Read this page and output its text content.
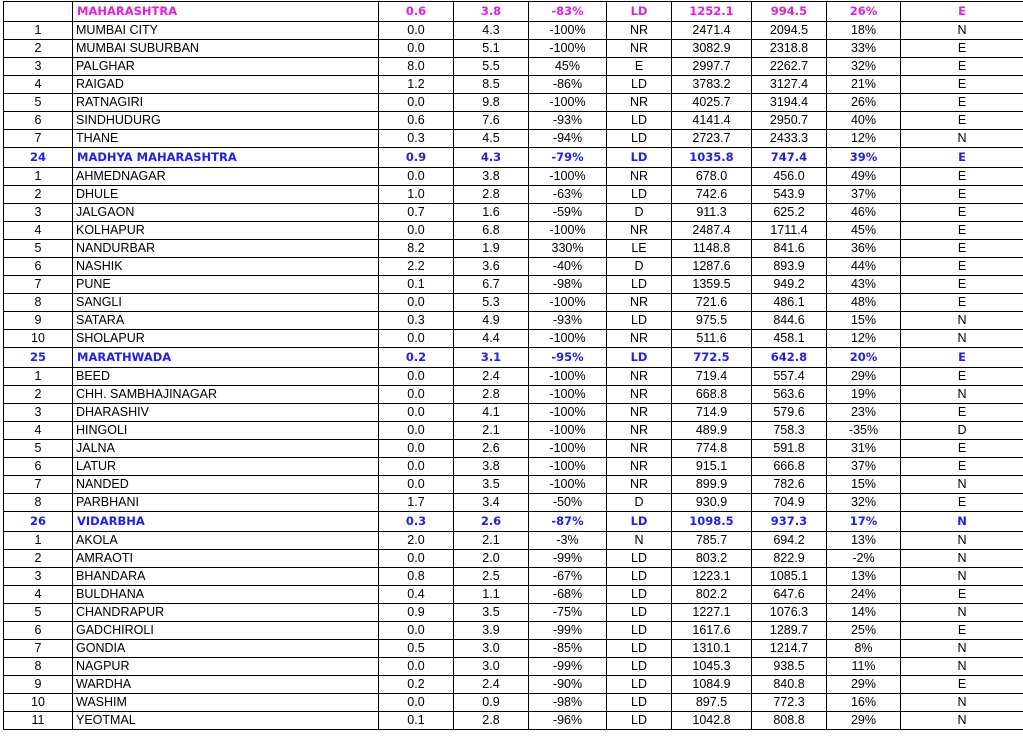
	MAHARASHTRA	0.6	3.8	-83%	LD	1252.1	994.5	26%	E
1	MUMBAI CITY	0.0	4.3	-100%	NR	2471.4	2094.5	18%	N
2	MUMBAI SUBURBAN	0.0	5.1	-100%	NR	3082.9	2318.8	33%	E
3	PALGHAR	8.0	5.5	45%	E	2997.7	2262.7	32%	E
4	RAIGAD	1.2	8.5	-86%	LD	3783.2	3127.4	21%	E
5	RATNAGIRI	0.0	9.8	-100%	NR	4025.7	3194.4	26%	E
6	SINDHUDURG	0.6	7.6	-93%	LD	4141.4	2950.7	40%	E
7	THANE	0.3	4.5	-94%	LD	2723.7	2433.3	12%	N
24	MADHYA MAHARASHTRA	0.9	4.3	-79%	LD	1035.8	747.4	39%	E
1	AHMEDNAGAR	0.0	3.8	-100%	NR	678.0	456.0	49%	E
2	DHULE	1.0	2.8	-63%	LD	742.6	543.9	37%	E
3	JALGAON	0.7	1.6	-59%	D	911.3	625.2	46%	E
4	KOLHAPUR	0.0	6.8	-100%	NR	2487.4	1711.4	45%	E
5	NANDURBAR	8.2	1.9	330%	LE	1148.8	841.6	36%	E
6	NASHIK	2.2	3.6	-40%	D	1287.6	893.9	44%	E
7	PUNE	0.1	6.7	-98%	LD	1359.5	949.2	43%	E
8	SANGLI	0.0	5.3	-100%	NR	721.6	486.1	48%	E
9	SATARA	0.3	4.9	-93%	LD	975.5	844.6	15%	N
10	SHOLAPUR	0.0	4.4	-100%	NR	511.6	458.1	12%	N
25	MARATHWADA	0.2	3.1	-95%	LD	772.5	642.8	20%	E
1	BEED	0.0	2.4	-100%	NR	719.4	557.4	29%	E
2	CHH. SAMBHAJINAGAR	0.0	2.8	-100%	NR	668.8	563.6	19%	N
3	DHARASHIV	0.0	4.1	-100%	NR	714.9	579.6	23%	E
4	HINGOLI	0.0	2.1	-100%	NR	489.9	758.3	-35%	D
5	JALNA	0.0	2.6	-100%	NR	774.8	591.8	31%	E
6	LATUR	0.0	3.8	-100%	NR	915.1	666.8	37%	E
7	NANDED	0.0	3.5	-100%	NR	899.9	782.6	15%	N
8	PARBHANI	1.7	3.4	-50%	D	930.9	704.9	32%	E
26	VIDARBHA	0.3	2.6	-87%	LD	1098.5	937.3	17%	N
1	AKOLA	2.0	2.1	-3%	N	785.7	694.2	13%	N
2	AMRAOTI	0.0	2.0	-99%	LD	803.2	822.9	-2%	N
3	BHANDARA	0.8	2.5	-67%	LD	1223.1	1085.1	13%	N
4	BULDHANA	0.4	1.1	-68%	LD	802.2	647.6	24%	E
5	CHANDRAPUR	0.9	3.5	-75%	LD	1227.1	1076.3	14%	N
6	GADCHIROLI	0.0	3.9	-99%	LD	1617.6	1289.7	25%	E
7	GONDIA	0.5	3.0	-85%	LD	1310.1	1214.7	8%	N
8	NAGPUR	0.0	3.0	-99%	LD	1045.3	938.5	11%	N
9	WARDHA	0.2	2.4	-90%	LD	1084.9	840.8	29%	E
10	WASHIM	0.0	0.9	-98%	LD	897.5	772.3	16%	N
11	YEOTMAL	0.1	2.8	-96%	LD	1042.8	808.8	29%	N
